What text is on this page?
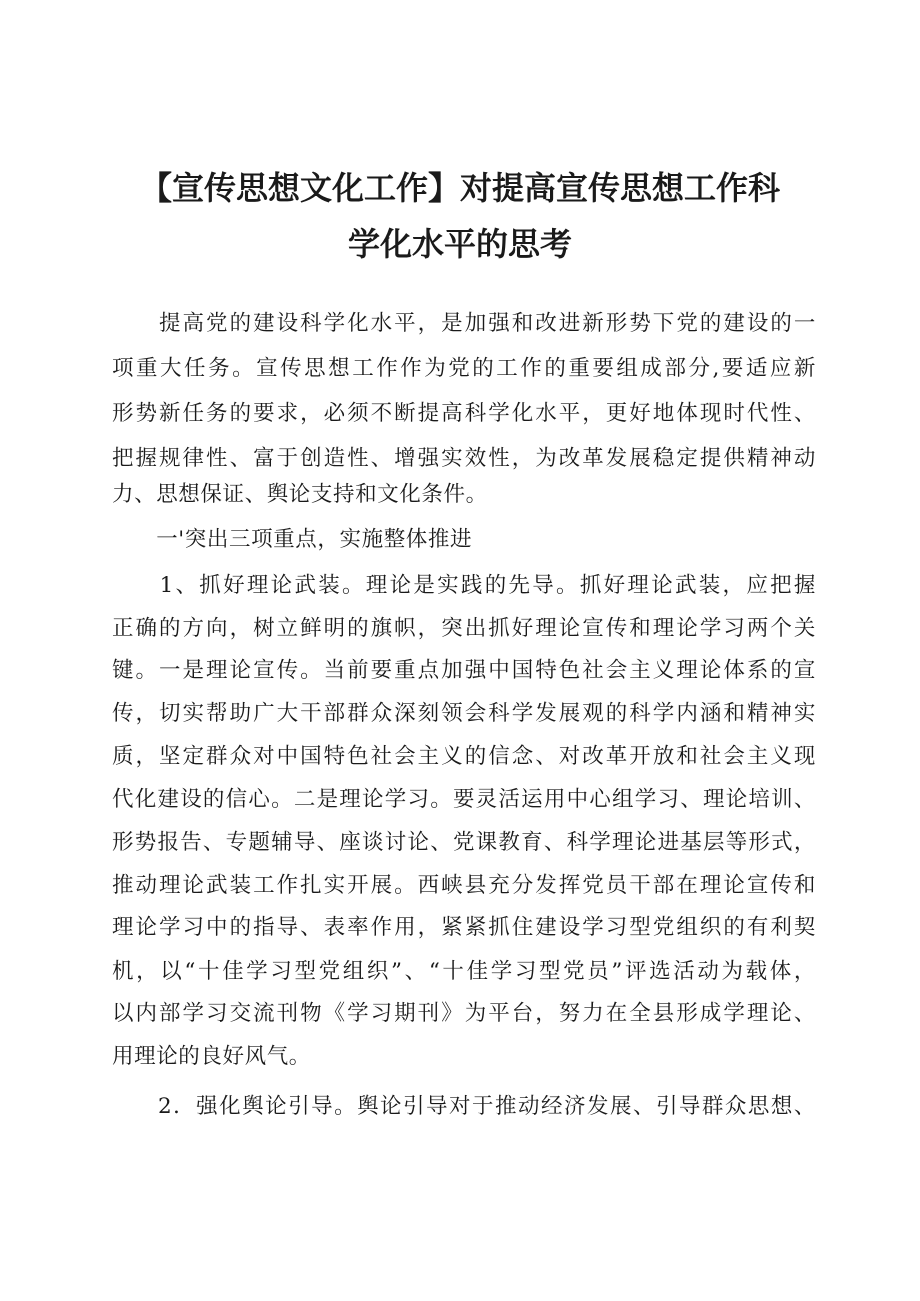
【宣传思想文化工作】对提高宣传思想工作科
学化水平的思考
　　提高党的建设科学化水平，是加强和改进新形势下党的建设的一
项重大任务。宣传思想工作作为党的工作的重要组成部分,要适应新
形势新任务的要求，必须不断提高科学化水平，更好地体现时代性、
把握规律性、富于创造性、增强实效性，为改革发展稳定提供精神动
力、思想保证、舆论支持和文化条件。
　　一'突出三项重点，实施整体推进
　　1、抓好理论武装。理论是实践的先导。抓好理论武装，应把握
正确的方向，树立鲜明的旗帜，突出抓好理论宣传和理论学习两个关
键。一是理论宣传。当前要重点加强中国特色社会主义理论体系的宣
传，切实帮助广大干部群众深刻领会科学发展观的科学内涵和精神实
质，坚定群众对中国特色社会主义的信念、对改革开放和社会主义现
代化建设的信心。二是理论学习。要灵活运用中心组学习、理论培训、
形势报告、专题辅导、座谈讨论、党课教育、科学理论进基层等形式，
推动理论武装工作扎实开展。西峡县充分发挥党员干部在理论宣传和
理论学习中的指导、表率作用，紧紧抓住建设学习型党组织的有利契
机，以“十佳学习型党组织”、“十佳学习型党员”评选活动为载体，
以内部学习交流刊物《学习期刊》为平台，努力在全县形成学理论、
用理论的良好风气。
　　2．强化舆论引导。舆论引导对于推动经济发展、引导群众思想、
